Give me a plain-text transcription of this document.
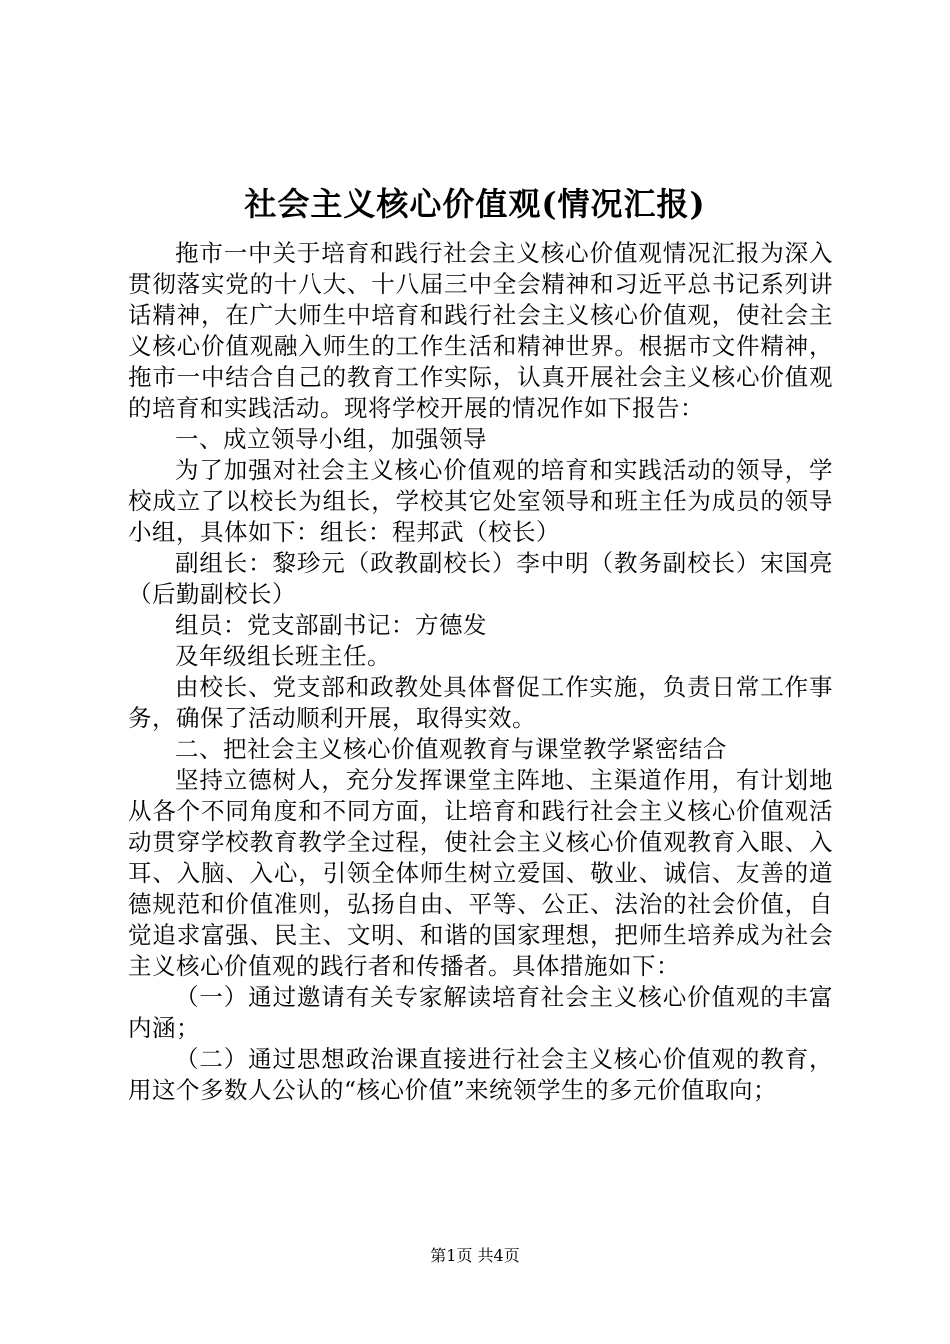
社会主义核心价值观(情况汇报)

拖市一中关于培育和践行社会主义核心价值观情况汇报为深入贯彻落实党的十八大、十八届三中全会精神和习近平总书记系列讲话精神，在广大师生中培育和践行社会主义核心价值观，使社会主义核心价值观融入师生的工作生活和精神世界。根据市文件精神，拖市一中结合自己的教育工作实际，认真开展社会主义核心价值观的培育和实践活动。现将学校开展的情况作如下报告：

一、成立领导小组，加强领导

为了加强对社会主义核心价值观的培育和实践活动的领导，学校成立了以校长为组长，学校其它处室领导和班主任为成员的领导小组，具体如下：组长：程邦武（校长）

副组长：黎珍元（政教副校长）李中明（教务副校长）宋国亮（后勤副校长）

组员：党支部副书记：方德发

及年级组长班主任。

由校长、党支部和政教处具体督促工作实施，负责日常工作事务，确保了活动顺利开展，取得实效。

二、把社会主义核心价值观教育与课堂教学紧密结合

坚持立德树人，充分发挥课堂主阵地、主渠道作用，有计划地从各个不同角度和不同方面，让培育和践行社会主义核心价值观活动贯穿学校教育教学全过程，使社会主义核心价值观教育入眼、入耳、入脑、入心，引领全体师生树立爱国、敬业、诚信、友善的道德规范和价值准则，弘扬自由、平等、公正、法治的社会价值，自觉追求富强、民主、文明、和谐的国家理想，把师生培养成为社会主义核心价值观的践行者和传播者。具体措施如下：

（一）通过邀请有关专家解读培育社会主义核心价值观的丰富内涵；

（二）通过思想政治课直接进行社会主义核心价值观的教育，用这个多数人公认的“核心价值”来统领学生的多元价值取向；

第1页 共4页
